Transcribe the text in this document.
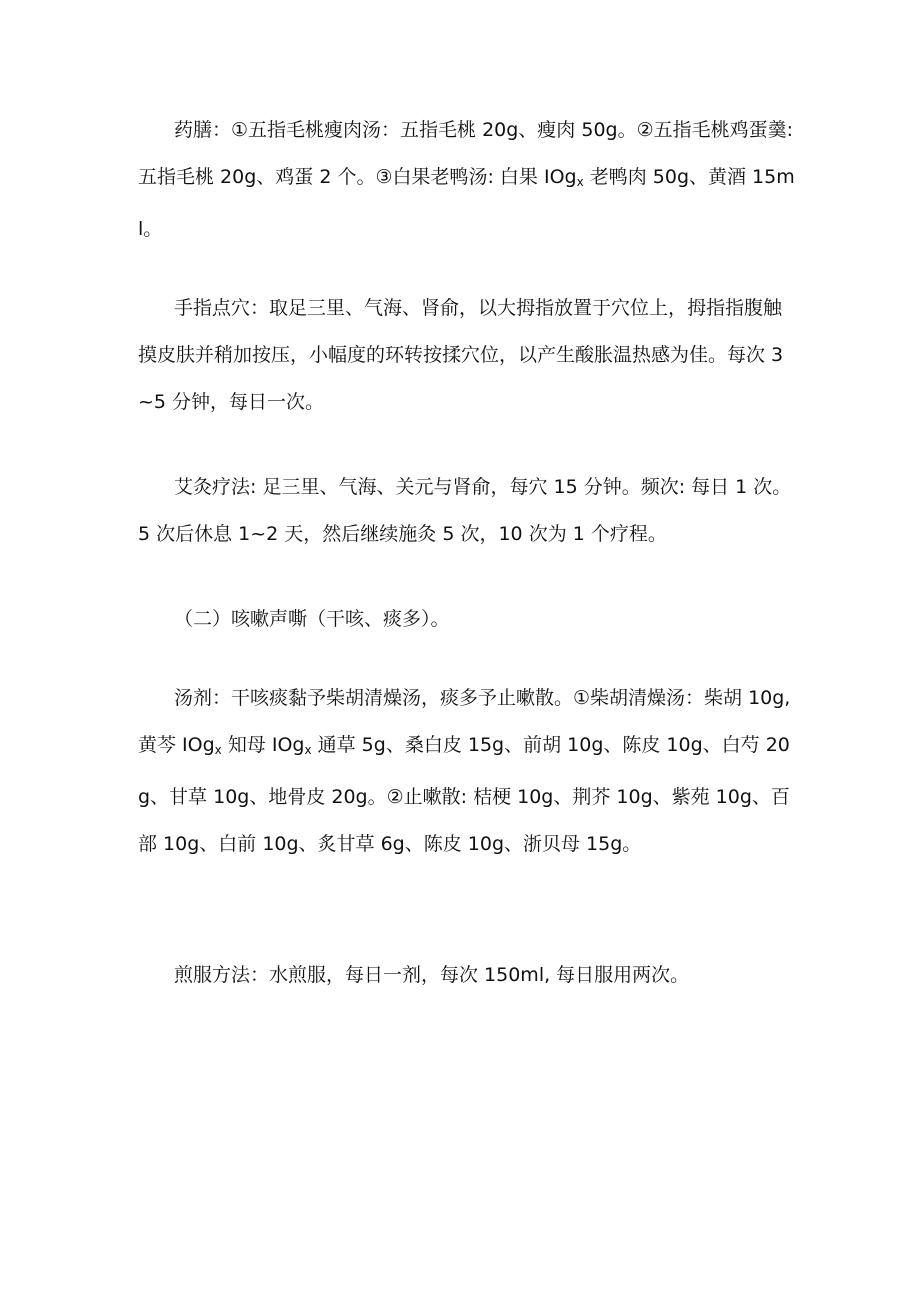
药膳：①五指毛桃瘦肉汤：五指毛桃 20g、瘦肉 50g。②五指毛桃鸡蛋羹: 五指毛桃 20g、鸡蛋 2 个。③白果老鸭汤: 白果 IOg$_x$ 老鸭肉 50g、黄酒 15ml。

手指点穴：取足三里、气海、肾俞，以大拇指放置于穴位上，拇指指腹触摸皮肤并稍加按压，小幅度的环转按揉穴位，以产生酸胀温热感为佳。每次 3~5 分钟，每日一次。

艾灸疗法: 足三里、气海、关元与肾俞，每穴 15 分钟。频次: 每日 1 次。5 次后休息 1~2 天，然后继续施灸 5 次，10 次为 1 个疗程。

（二）咳嗽声嘶（干咳、痰多）。

汤剂：干咳痰黏予柴胡清燥汤，痰多予止嗽散。①柴胡清燥汤：柴胡 10g,黄芩 IOg$_x$ 知母 IOg$_x$ 通草 5g、桑白皮 15g、前胡 10g、陈皮 10g、白芍 20g、甘草 10g、地骨皮 20g。②止嗽散: 桔梗 10g、荆芥 10g、紫苑 10g、百部 10g、白前 10g、炙甘草 6g、陈皮 10g、浙贝母 15g。

煎服方法：水煎服，每日一剂，每次 150ml, 每日服用两次。
